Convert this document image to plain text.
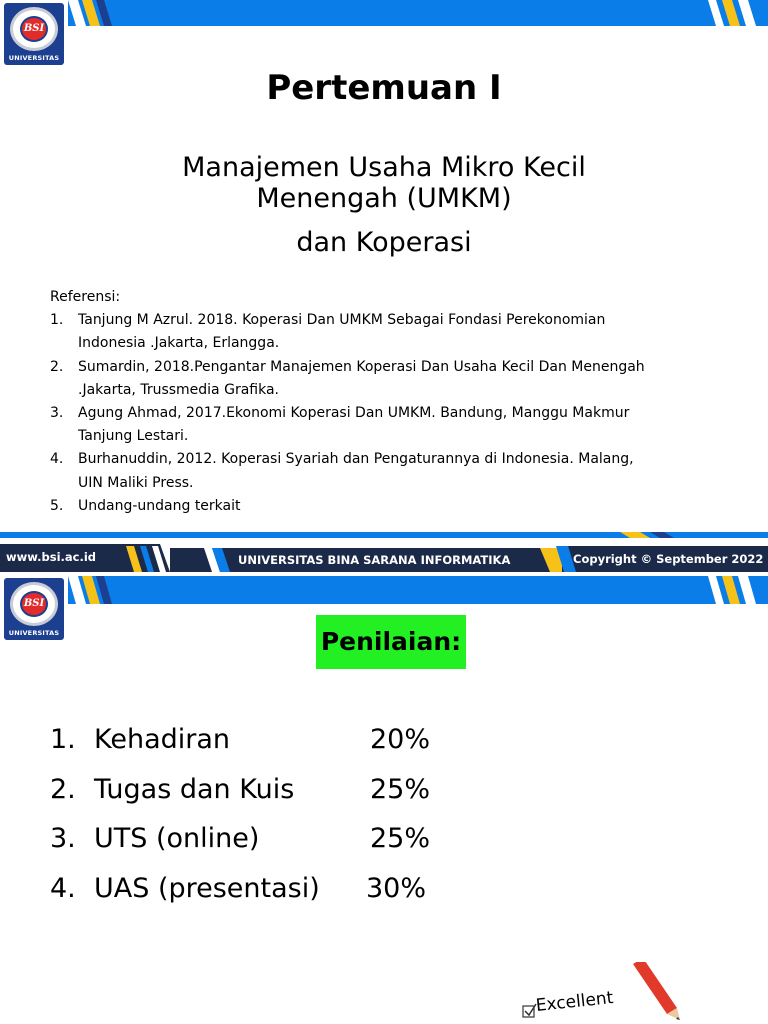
BSI
UNIVERSITAS
Pertemuan I
Manajemen Usaha Mikro Kecil
Menengah (UMKM)
dan Koperasi
Referensi:
1.	Tanjung M Azrul. 2018. Koperasi Dan UMKM Sebagai Fondasi Perekonomian
Indonesia .Jakarta, Erlangga.
2.	Sumardin, 2018.Pengantar Manajemen Koperasi Dan Usaha Kecil Dan Menengah
.Jakarta, Trussmedia Grafika.
3.	Agung Ahmad, 2017.Ekonomi Koperasi Dan UMKM. Bandung, Manggu Makmur
Tanjung Lestari.
4.	Burhanuddin, 2012. Koperasi Syariah dan Pengaturannya di Indonesia. Malang,
UIN Maliki Press.
5.	Undang-undang terkait
www.bsi.ac.id	UNIVERSITAS BINA SARANA INFORMATIKA	Copyright © September 2022
BSI
UNIVERSITAS	Penilaian:
1. Kehadiran	20%
2. Tugas dan Kuis	25%
3. UTS (online)	25%
4. UAS (presentasi) 30%
Excellent
